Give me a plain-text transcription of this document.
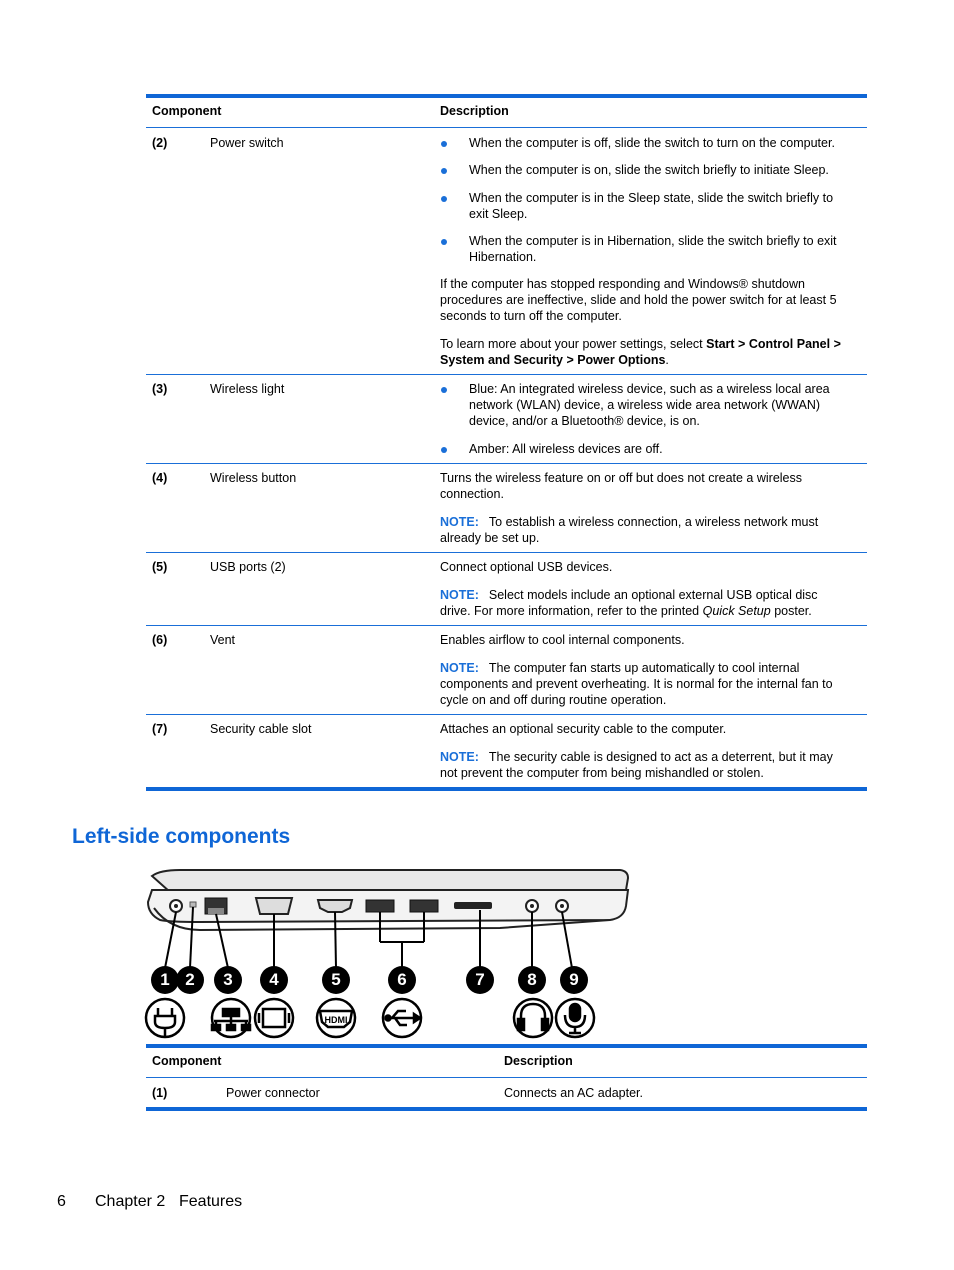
Component	Description
(2)	Power switch	When the computer is off, slide the switch to turn on the computer.
When the computer is on, slide the switch briefly to initiate Sleep.
When the computer is in the Sleep state, slide the switch briefly to exit Sleep.
When the computer is in Hibernation, slide the switch briefly to exit Hibernation.
If the computer has stopped responding and Windows® shutdown procedures are ineffective, slide and hold the power switch for at least 5 seconds to turn off the computer.
To learn more about your power settings, select Start > Control Panel > System and Security > Power Options.
(3)	Wireless light	Blue: An integrated wireless device, such as a wireless local area network (WLAN) device, a wireless wide area network (WWAN) device, and/or a Bluetooth® device, is on.
Amber: All wireless devices are off.
(4)	Wireless button	Turns the wireless feature on or off but does not create a wireless connection.
NOTE: To establish a wireless connection, a wireless network must already be set up.
(5)	USB ports (2)	Connect optional USB devices.
NOTE: Select models include an optional external USB optical disc drive. For more information, refer to the printed Quick Setup poster.
(6)	Vent	Enables airflow to cool internal components.
NOTE: The computer fan starts up automatically to cool internal components and prevent overheating. It is normal for the internal fan to cycle on and off during routine operation.
(7)	Security cable slot	Attaches an optional security cable to the computer.
NOTE: The security cable is designed to act as a deterrent, but it may not prevent the computer from being mishandled or stolen.
Left-side components
1 2	3	4	5	6	7	8	9
HDMI
Component	Description
(1)	Power connector	Connects an AC adapter.
6 Chapter 2 Features
